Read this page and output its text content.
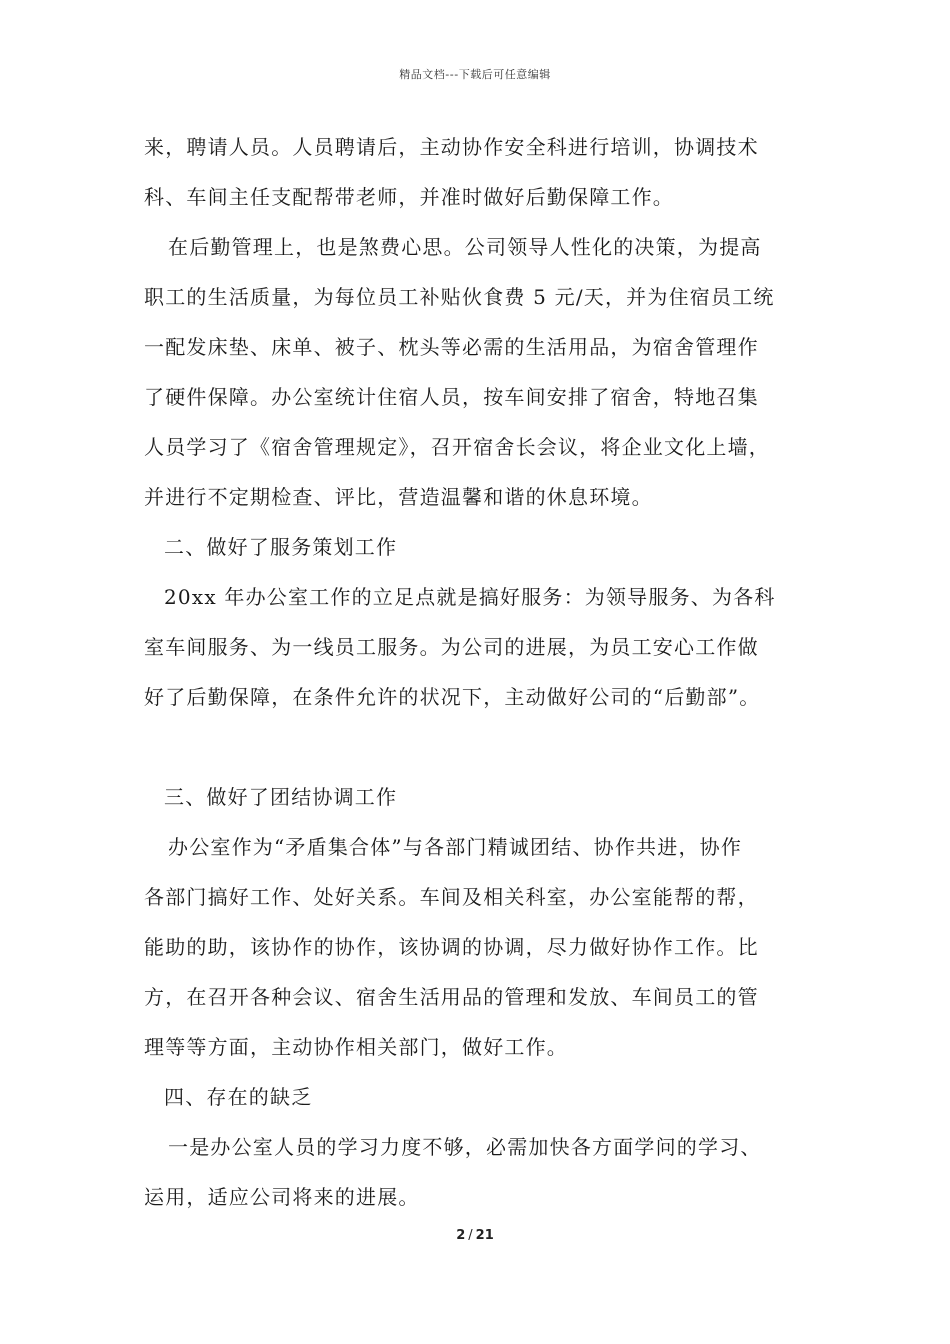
精品文档---下载后可任意编辑
来，聘请人员。人员聘请后，主动协作安全科进行培训，协调技术
科、车间主任支配帮带老师，并准时做好后勤保障工作。
在后勤管理上，也是煞费心思。公司领导人性化的决策，为提高
职工的生活质量，为每位员工补贴伙食费 5 元/天，并为住宿员工统
一配发床垫、床单、被子、枕头等必需的生活用品，为宿舍管理作
了硬件保障。办公室统计住宿人员，按车间安排了宿舍，特地召集
人员学习了《宿舍管理规定》，召开宿舍长会议，将企业文化上墙，
并进行不定期检查、评比，营造温馨和谐的休息环境。
二、做好了服务策划工作
20xx 年办公室工作的立足点就是搞好服务：为领导服务、为各科
室车间服务、为一线员工服务。为公司的进展，为员工安心工作做
好了后勤保障，在条件允许的状况下，主动做好公司的“后勤部”。
三、做好了团结协调工作
办公室作为“矛盾集合体”与各部门精诚团结、协作共进，协作
各部门搞好工作、处好关系。车间及相关科室，办公室能帮的帮，
能助的助，该协作的协作，该协调的协调，尽力做好协作工作。比
方，在召开各种会议、宿舍生活用品的管理和发放、车间员工的管
理等等方面，主动协作相关部门，做好工作。
四、存在的缺乏
一是办公室人员的学习力度不够，必需加快各方面学问的学习、
运用，适应公司将来的进展。
2 / 21
